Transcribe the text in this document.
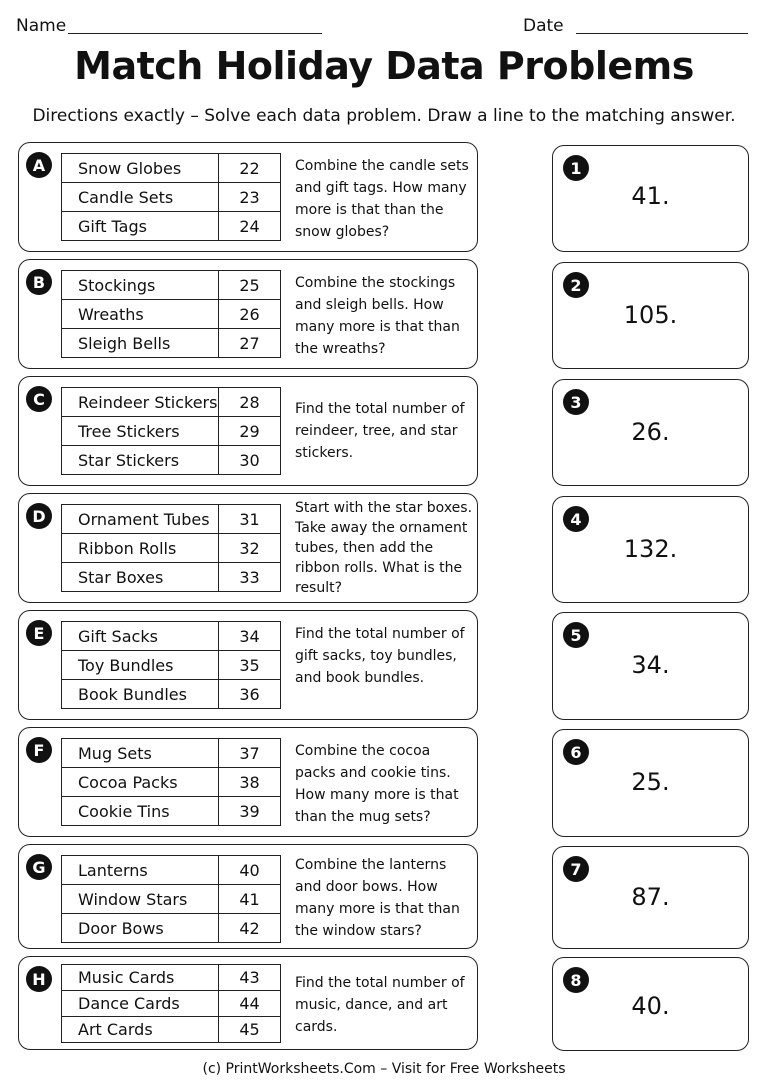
Name	Date
Match Holiday Data Problems
Directions exactly – Solve each data problem. Draw a line to the matching answer.
A	Snow Globes	22
Candle Sets	23
Gift Tags	24
Combine the candle sets and gift tags. How many more is that than the snow globes?
B	Stockings	25
Wreaths	26
Sleigh Bells	27
Combine the stockings and sleigh bells. How many more is that than the wreaths?
C	Reindeer Stickers	28
Tree Stickers	29
Star Stickers	30
Find the total number of reindeer, tree, and star stickers.
D	Ornament Tubes	31
Ribbon Rolls	32
Star Boxes	33
Start with the star boxes. Take away the ornament tubes, then add the ribbon rolls. What is the result?
E	Gift Sacks	34
Toy Bundles	35
Book Bundles	36
Find the total number of gift sacks, toy bundles, and book bundles.
F	Mug Sets	37
Cocoa Packs	38
Cookie Tins	39
Combine the cocoa packs and cookie tins. How many more is that than the mug sets?
G	Lanterns	40
Window Stars	41
Door Bows	42
Combine the lanterns and door bows. How many more is that than the window stars?
H	Music Cards	43
Dance Cards	44
Art Cards	45
Find the total number of music, dance, and art cards.
1
41.
2
105.
3
26.
4
132.
5
34.
6
25.
7
87.
8
40.
(c) PrintWorksheets.Com – Visit for Free Worksheets
